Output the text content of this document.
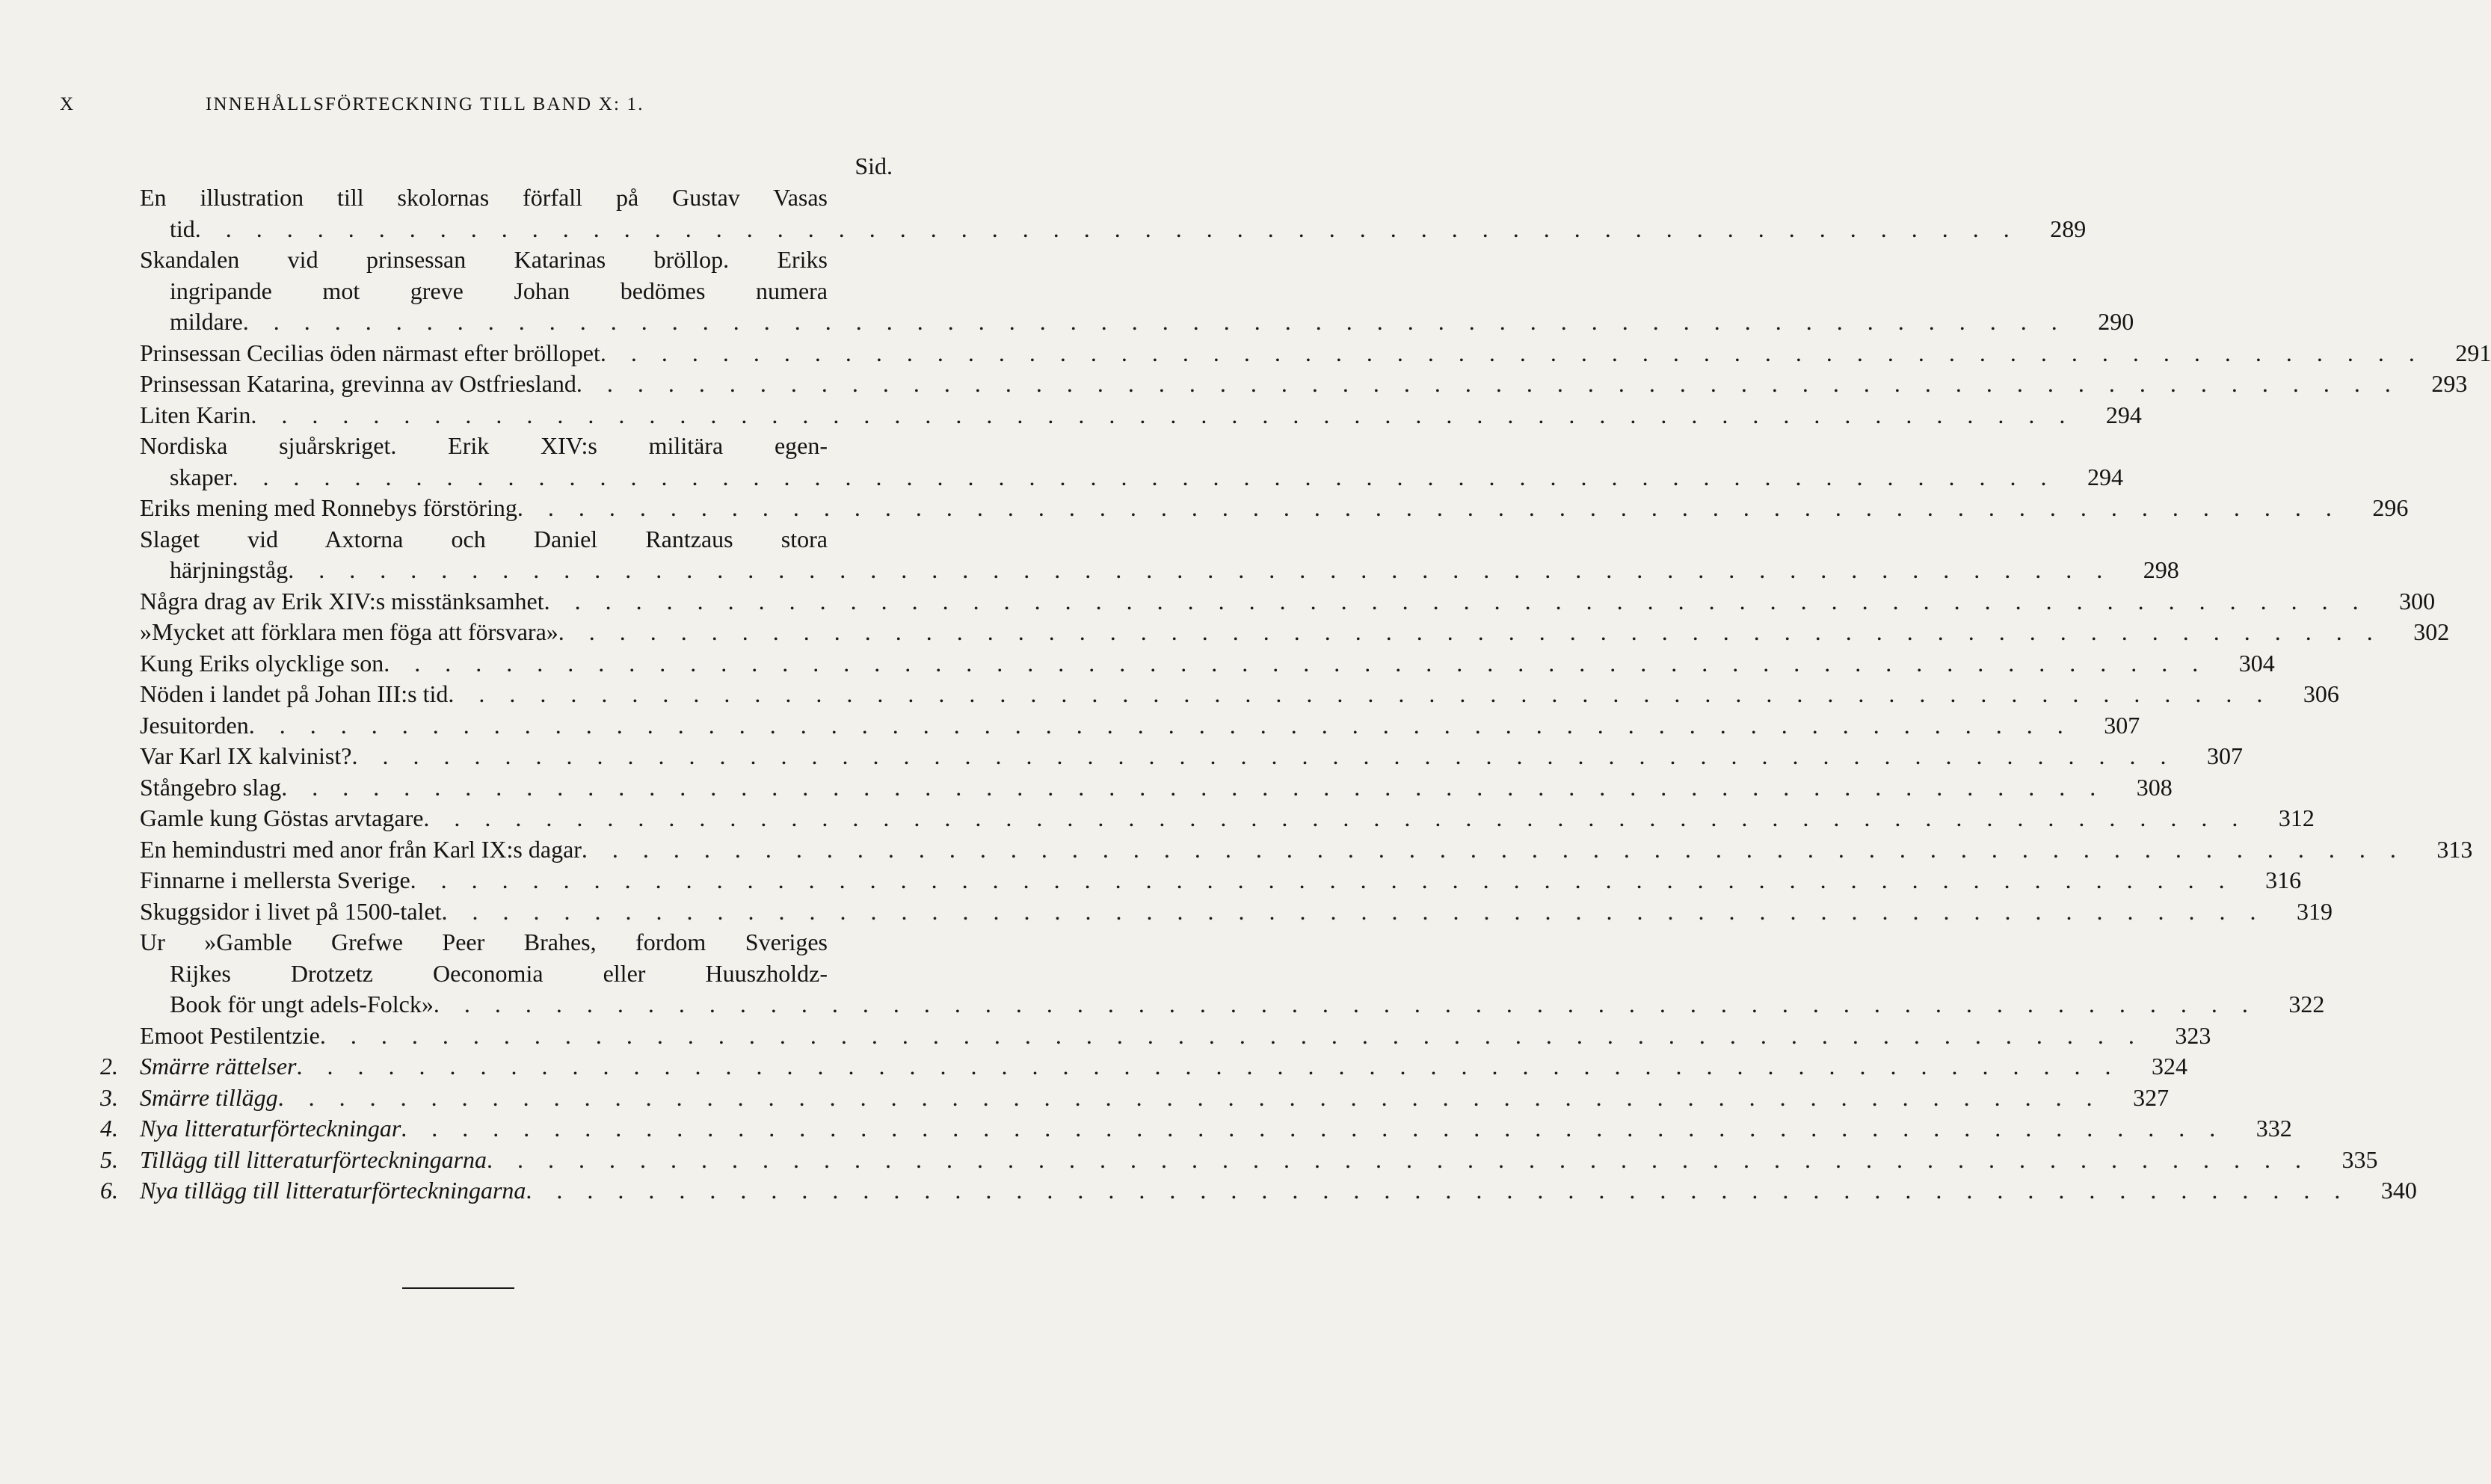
X	INNEHÅLLSFÖRTECKNING TILL BAND X: 1.
Sid.
En illustration till skolornas förfall på Gustav Vasas
tid . . . . . . . . . . . . . . . . . . . . . . . . . . . . . . . . . . . . . . . . . . . . . . . . . . . . . . . . . . . .	289
Skandalen vid prinsessan Katarinas bröllop. Eriks
ingripande mot greve Johan bedömes numera
mildare . . . . . . . . . . . . . . . . . . . . . . . . . . . . . . . . . . . . . . . . . . . . . . . . . . . . . . . . . . . .	290
Prinsessan Cecilias öden närmast efter bröllopet . . . . . . . . . . . . . . . . . . . . . . . . . . . . . . . . . . . . . . . . . . . . . . . . . . . . . . . . . . . .	291
Prinsessan Katarina, grevinna av Ostfriesland . . . . . . . . . . . . . . . . . . . . . . . . . . . . . . . . . . . . . . . . . . . . . . . . . . . . . . . . . . . .	293
Liten Karin . . . . . . . . . . . . . . . . . . . . . . . . . . . . . . . . . . . . . . . . . . . . . . . . . . . . . . . . . . . .	294
Nordiska sjuårskriget. Erik XIV:s militära egen-
skaper . . . . . . . . . . . . . . . . . . . . . . . . . . . . . . . . . . . . . . . . . . . . . . . . . . . . . . . . . . . .	294
Eriks mening med Ronnebys förstöring . . . . . . . . . . . . . . . . . . . . . . . . . . . . . . . . . . . . . . . . . . . . . . . . . . . . . . . . . . . .	296
Slaget vid Axtorna och Daniel Rantzaus stora
härjningståg . . . . . . . . . . . . . . . . . . . . . . . . . . . . . . . . . . . . . . . . . . . . . . . . . . . . . . . . . . . .	298
Några drag av Erik XIV:s misstänksamhet . . . . . . . . . . . . . . . . . . . . . . . . . . . . . . . . . . . . . . . . . . . . . . . . . . . . . . . . . . . .	300
»Mycket att förklara men föga att försvara» . . . . . . . . . . . . . . . . . . . . . . . . . . . . . . . . . . . . . . . . . . . . . . . . . . . . . . . . . . . .	302
Kung Eriks olycklige son . . . . . . . . . . . . . . . . . . . . . . . . . . . . . . . . . . . . . . . . . . . . . . . . . . . . . . . . . . . .	304
Nöden i landet på Johan III:s tid . . . . . . . . . . . . . . . . . . . . . . . . . . . . . . . . . . . . . . . . . . . . . . . . . . . . . . . . . . . .	306
Jesuitorden . . . . . . . . . . . . . . . . . . . . . . . . . . . . . . . . . . . . . . . . . . . . . . . . . . . . . . . . . . . .	307
Var Karl IX kalvinist? . . . . . . . . . . . . . . . . . . . . . . . . . . . . . . . . . . . . . . . . . . . . . . . . . . . . . . . . . . . .	307
Stångebro slag . . . . . . . . . . . . . . . . . . . . . . . . . . . . . . . . . . . . . . . . . . . . . . . . . . . . . . . . . . . .	308
Gamle kung Göstas arvtagare . . . . . . . . . . . . . . . . . . . . . . . . . . . . . . . . . . . . . . . . . . . . . . . . . . . . . . . . . . . .	312
En hemindustri med anor från Karl IX:s dagar . . . . . . . . . . . . . . . . . . . . . . . . . . . . . . . . . . . . . . . . . . . . . . . . . . . . . . . . . . . .	313
Finnarne i mellersta Sverige . . . . . . . . . . . . . . . . . . . . . . . . . . . . . . . . . . . . . . . . . . . . . . . . . . . . . . . . . . . .	316
Skuggsidor i livet på 1500-talet . . . . . . . . . . . . . . . . . . . . . . . . . . . . . . . . . . . . . . . . . . . . . . . . . . . . . . . . . . . .	319
Ur »Gamble Grefwe Peer Brahes, fordom Sveriges
Rijkes Drotzetz Oeconomia eller Huuszholdz-
Book för ungt adels-Folck» . . . . . . . . . . . . . . . . . . . . . . . . . . . . . . . . . . . . . . . . . . . . . . . . . . . . . . . . . . . .	322
Emoot Pestilentzie . . . . . . . . . . . . . . . . . . . . . . . . . . . . . . . . . . . . . . . . . . . . . . . . . . . . . . . . . . . .	323
2. Smärre rättelser . . . . . . . . . . . . . . . . . . . . . . . . . . . . . . . . . . . . . . . . . . . . . . . . . . . . . . . . . . . .	324
3. Smärre tillägg . . . . . . . . . . . . . . . . . . . . . . . . . . . . . . . . . . . . . . . . . . . . . . . . . . . . . . . . . . . .	327
4. Nya litteraturförteckningar . . . . . . . . . . . . . . . . . . . . . . . . . . . . . . . . . . . . . . . . . . . . . . . . . . . . . . . . . . . .	332
5. Tillägg till litteraturförteckningarna . . . . . . . . . . . . . . . . . . . . . . . . . . . . . . . . . . . . . . . . . . . . . . . . . . . . . . . . . . . .	335
6. Nya tillägg till litteraturförteckningarna . . . . . . . . . . . . . . . . . . . . . . . . . . . . . . . . . . . . . . . . . . . . . . . . . . . . . . . . . . . .	340
